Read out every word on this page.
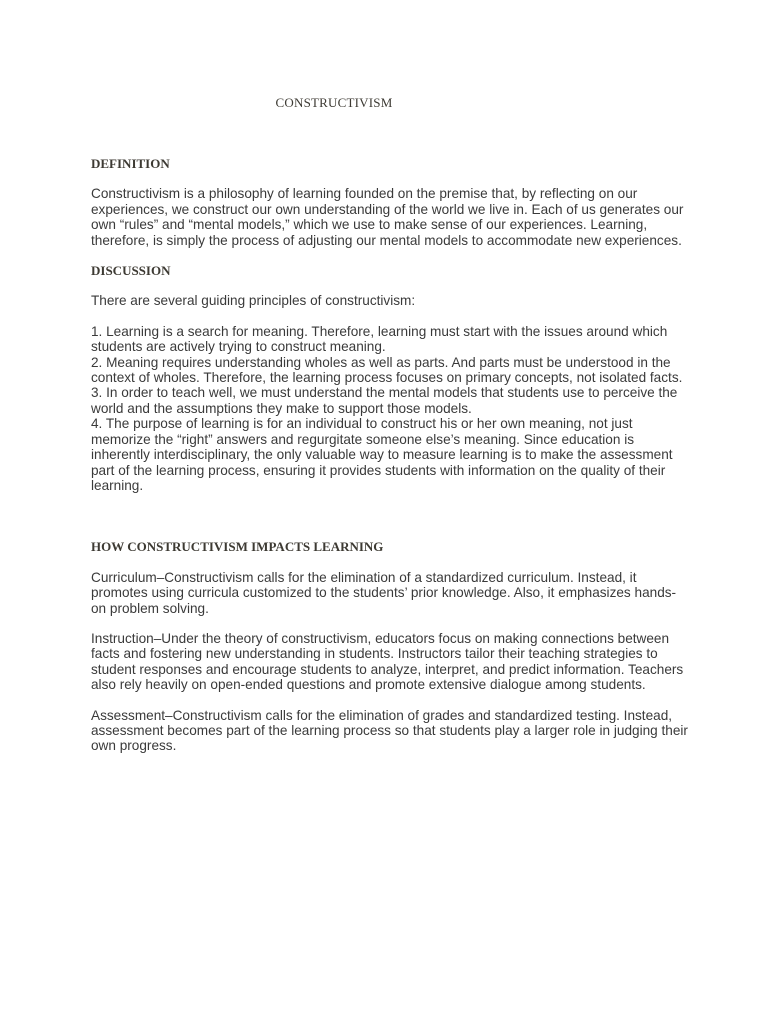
CONSTRUCTIVISM
DEFINITION

Constructivism is a philosophy of learning founded on the premise that, by reflecting on our experiences, we construct our own understanding of the world we live in. Each of us generates our own “rules” and “mental models,” which we use to make sense of our experiences. Learning, therefore, is simply the process of adjusting our mental models to accommodate new experiences.

DISCUSSION

There are several guiding principles of constructivism:

1. Learning is a search for meaning. Therefore, learning must start with the issues around which students are actively trying to construct meaning.

2. Meaning requires understanding wholes as well as parts. And parts must be understood in the context of wholes. Therefore, the learning process focuses on primary concepts, not isolated facts.

3. In order to teach well, we must understand the mental models that students use to perceive the world and the assumptions they make to support those models.

4. The purpose of learning is for an individual to construct his or her own meaning, not just memorize the “right” answers and regurgitate someone else’s meaning. Since education is inherently interdisciplinary, the only valuable way to measure learning is to make the assessment part of the learning process, ensuring it provides students with information on the quality of their learning.

HOW CONSTRUCTIVISM IMPACTS LEARNING

Curriculum–Constructivism calls for the elimination of a standardized curriculum. Instead, it promotes using curricula customized to the students’ prior knowledge. Also, it emphasizes hands-on problem solving.

Instruction–Under the theory of constructivism, educators focus on making connections between facts and fostering new understanding in students. Instructors tailor their teaching strategies to student responses and encourage students to analyze, interpret, and predict information. Teachers also rely heavily on open-ended questions and promote extensive dialogue among students.

Assessment–Constructivism calls for the elimination of grades and standardized testing. Instead, assessment becomes part of the learning process so that students play a larger role in judging their own progress.
